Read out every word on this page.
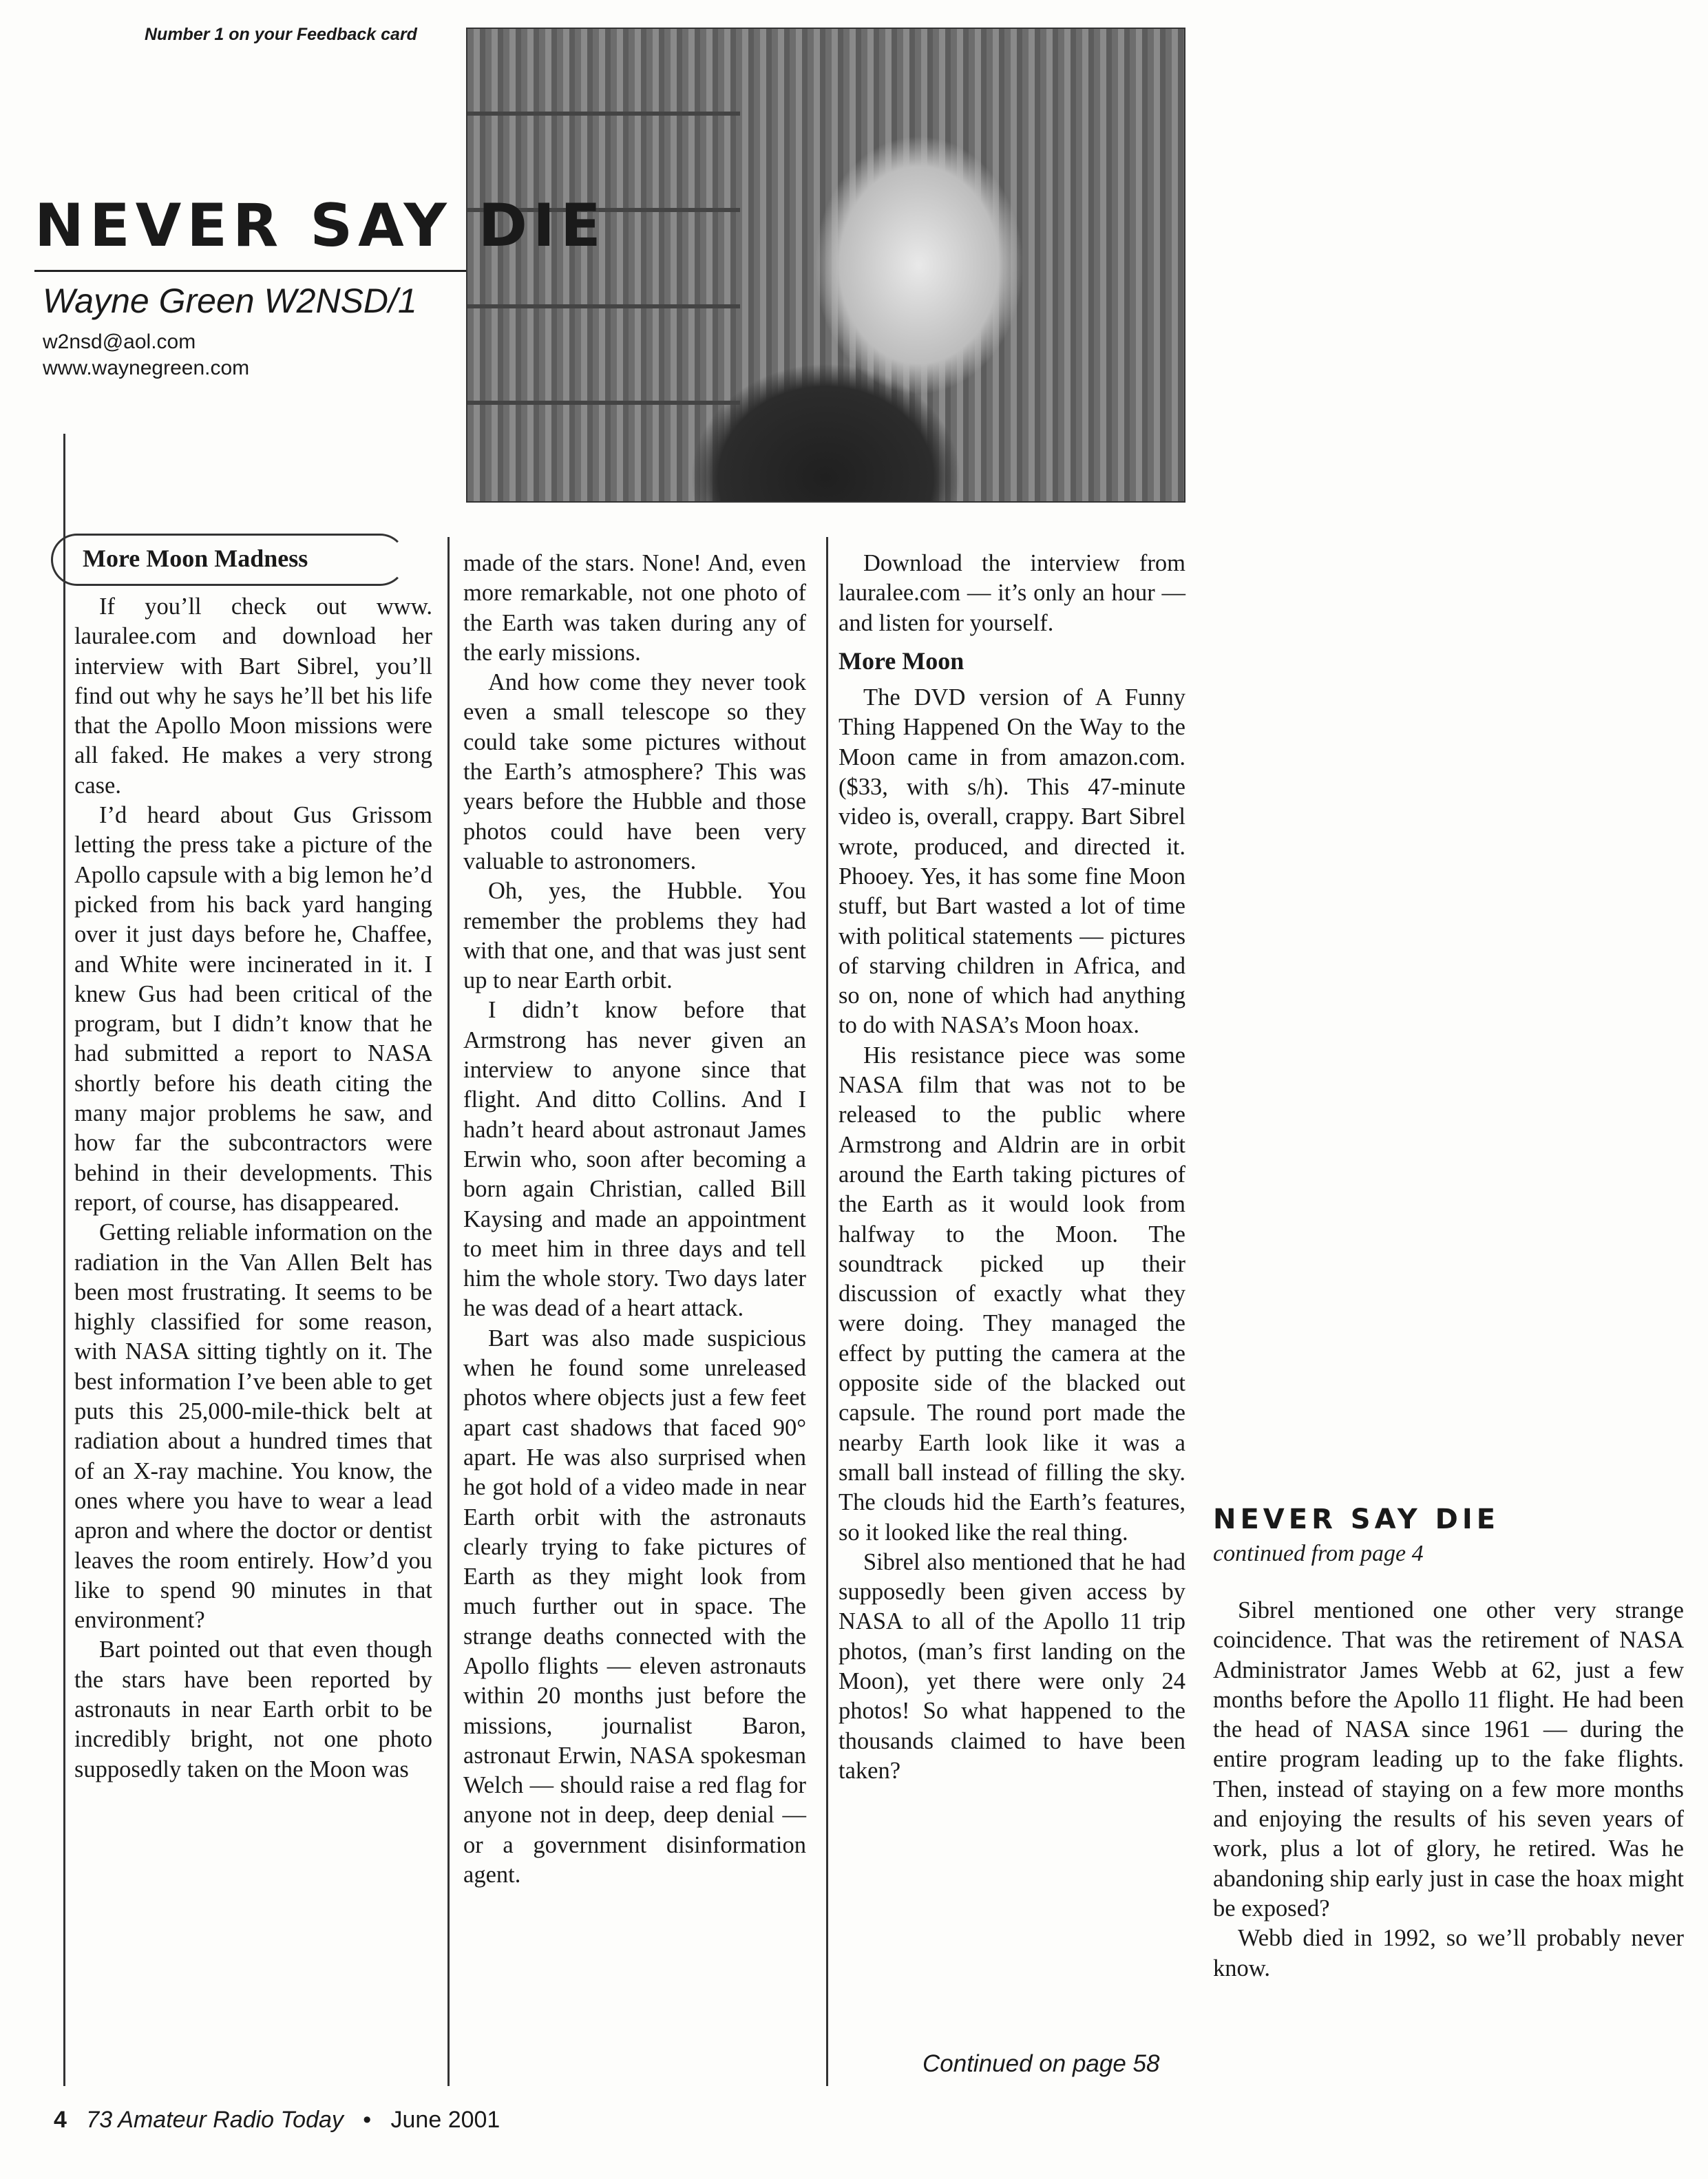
Number 1 on your Feedback card
NEVER SAY DIE
Wayne Green W2NSD/1
w2nsd@aol.com
www.waynegreen.com
More Moon Madness

If you’ll check out www. lauralee.com and download her interview with Bart Sibrel, you’ll find out why he says he’ll bet his life that the Apollo Moon missions were all faked. He makes a very strong case.

I’d heard about Gus Grissom letting the press take a picture of the Apollo capsule with a big lemon he’d picked from his back yard hanging over it just days before he, Chaffee, and White were incinerated in it. I knew Gus had been critical of the program, but I didn’t know that he had submitted a report to NASA shortly before his death citing the many major problems he saw, and how far the subcontractors were behind in their developments. This report, of course, has disappeared.

Getting reliable information on the radiation in the Van Allen Belt has been most frustrating. It seems to be highly classified for some reason, with NASA sitting tightly on it. The best information I’ve been able to get puts this 25,000-mile-thick belt at radiation about a hundred times that of an X-ray machine. You know, the ones where you have to wear a lead apron and where the doctor or dentist leaves the room entirely. How’d you like to spend 90 minutes in that environment?

Bart pointed out that even though the stars have been reported by astronauts in near Earth orbit to be incredibly bright, not one photo supposedly taken on the Moon was

made of the stars. None! And, even more remarkable, not one photo of the Earth was taken during any of the early missions.

And how come they never took even a small telescope so they could take some pictures without the Earth’s atmosphere? This was years before the Hubble and those photos could have been very valuable to astronomers.

Oh, yes, the Hubble. You remember the problems they had with that one, and that was just sent up to near Earth orbit.

I didn’t know before that Armstrong has never given an interview to anyone since that flight. And ditto Collins. And I hadn’t heard about astronaut James Erwin who, soon after becoming a born again Christian, called Bill Kaysing and made an appointment to meet him in three days and tell him the whole story. Two days later he was dead of a heart attack.

Bart was also made suspicious when he found some unreleased photos where objects just a few feet apart cast shadows that faced 90° apart. He was also surprised when he got hold of a video made in near Earth orbit with the astronauts clearly trying to fake pictures of Earth as they might look from much further out in space. The strange deaths connected with the Apollo flights — eleven astronauts within 20 months just before the missions, journalist Baron, astronaut Erwin, NASA spokesman Welch — should raise a red flag for anyone not in deep, deep denial — or a government disinformation agent.

Download the interview from lauralee.com — it’s only an hour — and listen for yourself.

More Moon

The DVD version of A Funny Thing Happened On the Way to the Moon came in from amazon.com. ($33, with s/h). This 47-minute video is, overall, crappy. Bart Sibrel wrote, produced, and directed it. Phooey. Yes, it has some fine Moon stuff, but Bart wasted a lot of time with political statements — pictures of starving children in Africa, and so on, none of which had anything to do with NASA’s Moon hoax.

His resistance piece was some NASA film that was not to be released to the public where Armstrong and Aldrin are in orbit around the Earth taking pictures of the Earth as it would look from halfway to the Moon. The soundtrack picked up their discussion of exactly what they were doing. They managed the effect by putting the camera at the opposite side of the blacked out capsule. The round port made the nearby Earth look like it was a small ball instead of filling the sky. The clouds hid the Earth’s features, so it looked like the real thing.

Sibrel also mentioned that he had supposedly been given access by NASA to all of the Apollo 11 trip photos, (man’s first landing on the Moon), yet there were only 24 photos! So what happened to the thousands claimed to have been taken?

Continued on page 58
NEVER SAY DIE
continued from page 4

Sibrel mentioned one other very strange coincidence. That was the retirement of NASA Administrator James Webb at 62, just a few months before the Apollo 11 flight. He had been the head of NASA since 1961 — during the entire program leading up to the fake flights. Then, instead of staying on a few more months and enjoying the results of his seven years of work, plus a lot of glory, he retired. Was he abandoning ship early just in case the hoax might be exposed?

Webb died in 1992, so we’ll probably never know.

4 73 Amateur Radio Today • June 2001
